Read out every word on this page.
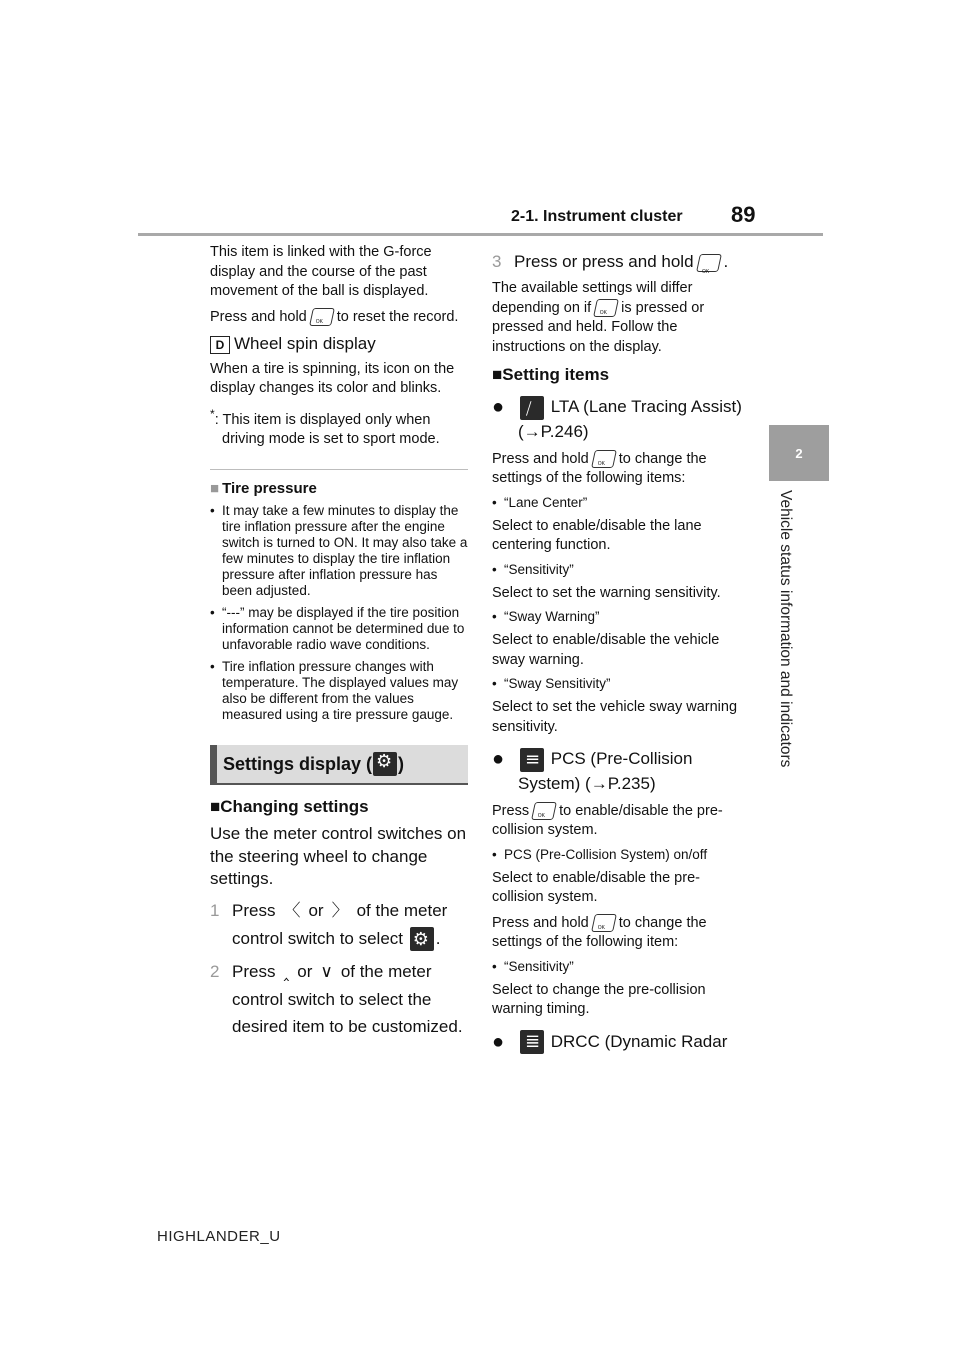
2-1. Instrument cluster 89
2
Vehicle status information and indicators

This item is linked with the G-force display and the course of the past movement of the ball is displayed.

Press and hold OK to reset the record.

D Wheel spin display

When a tire is spinning, its icon on the display changes its color and blinks.

*: This item is displayed only when driving mode is set to sport mode.

■ Tire pressure
• It may take a few minutes to display the tire inflation pressure after the engine switch is turned to ON. It may also take a few minutes to display the tire inflation pressure after inflation pressure has been adjusted.
• “---” may be displayed if the tire position information cannot be determined due to unfavorable radio wave conditions.
• Tire inflation pressure changes with temperature. The displayed values may also be different from the values measured using a tire pressure gauge.
Settings display ( ⚙ )
■Changing settings

Use the meter control switches on the steering wheel to change settings.

1 Press 〈 or 〉 of the meter control switch to select ⚙ .
2 Press ‸ or ∨ of the meter control switch to select the desired item to be customized.
3 Press or press and holdOK .

The available settings will differ depending on if OK is pressed or pressed and held. Follow the instructions on the display.

■Setting items
● ⧸	LTA (Lane Tracing Assist) (→P.246)

Press and hold OK to change the settings of the following items:

• “Lane Center”

Select to enable/disable the lane centering function.

• “Sensitivity”

Select to set the warning sensitivity.

• “Sway Warning”

Select to enable/disable the vehicle sway warning.

• “Sway Sensitivity”

Select to set the vehicle sway warning sensitivity.

● ≡	PCS (Pre-Collision System) (→P.235)

Press OK to enable/disable the pre-collision system.

• PCS (Pre-Collision System) on/off

Select to enable/disable the pre-collision system.

Press and hold OK to change the settings of the following item:

• “Sensitivity”

Select to change the pre-collision warning timing.

● ≣	DRCC (Dynamic Radar
HIGHLANDER_U
